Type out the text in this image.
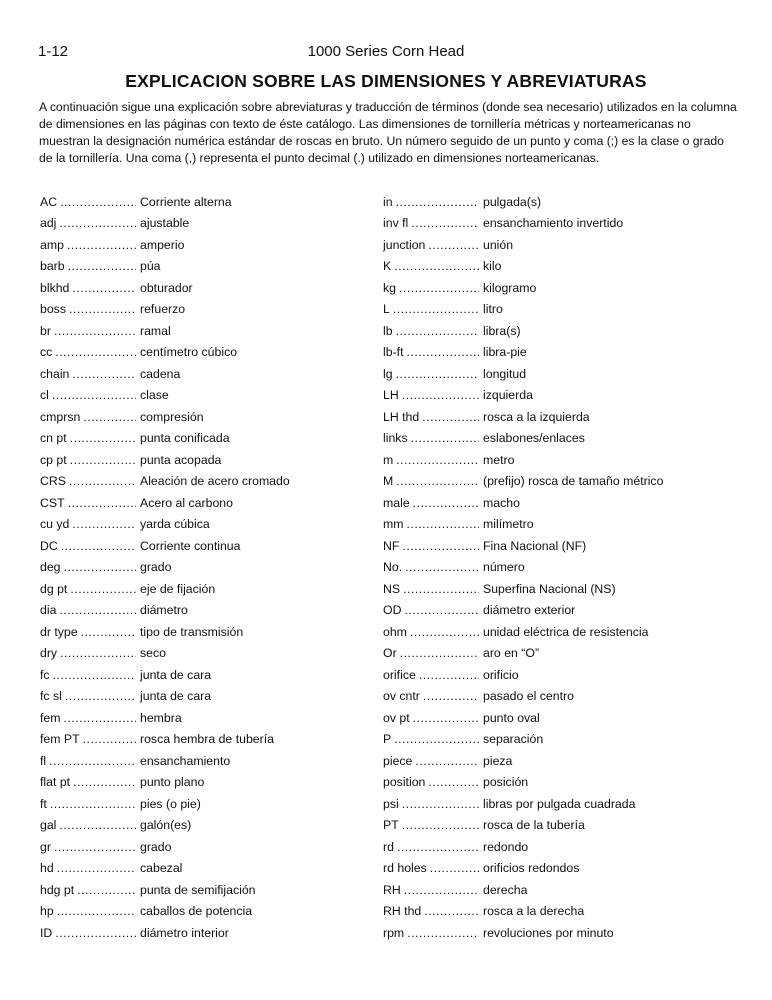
1-12	1000 Series Corn Head
EXPLICACION SOBRE LAS DIMENSIONES Y ABREVIATURAS

A continuación sigue una explicación sobre abreviaturas y traducción de términos (donde sea necesario) utilizados en la columna de dimensiones en las páginas con texto de éste catálogo. Las dimensiones de tornillería métricas y norteamericanas no muestran la designación numérica estándar de roscas en bruto. Un número seguido de un punto y coma (;) es la clase o grado de la tornillería. Una coma (,) representa el punto decimal (.) utilizado en dimensiones norteamericanas.

AC .....	Corriente alterna
adj .....	ajustable
amp .....	amperio
barb .....	púa
blkhd .....	obturador
boss .....	refuerzo
br .....	ramal
cc .....	centímetro cúbico
chain .....	cadena
cl .....	clase
cmprsn .....	compresión
cn pt .....	punta conificada
cp pt .....	punta acopada
CRS .....	Aleación de acero cromado
CST .....	Acero al carbono
cu yd .....	yarda cúbica
DC .....	Corriente continua
deg .....	grado
dg pt .....	eje de fijación
dia .....	diámetro
dr type .....	tipo de transmisión
dry .....	seco
fc .....	junta de cara
fc sl .....	junta de cara
fem .....	hembra
fem PT .....	rosca hembra de tubería
fl .....	ensanchamiento
flat pt .....	punto plano
ft .....	pies (o pie)
gal .....	galón(es)
gr .....	grado
hd .....	cabezal
hdg pt .....	punta de semifijación
hp .....	caballos de potencia
ID .....	diámetro interior
in .....	pulgada(s)
inv fl .....	ensanchamiento invertido
junction .....	unión
K .....	kilo
kg .....	kilogramo
L .....	litro
lb .....	libra(s)
lb-ft .....	libra-pie
lg .....	longitud
LH .....	izquierda
LH thd .....	rosca a la izquierda
links .....	eslabones/enlaces
m .....	metro
M .....	(prefijo) rosca de tamaño métrico
male .....	macho
mm .....	milímetro
NF .....	Fina Nacional (NF)
No. .....	número
NS .....	Superfina Nacional (NS)
OD .....	diámetro exterior
ohm .....	unidad eléctrica de resistencia
Or .....	aro en “O”
orifice .....	orificio
ov cntr .....	pasado el centro
ov pt .....	punto oval
P .....	separación
piece .....	pieza
position .....	posición
psi .....	libras por pulgada cuadrada
PT .....	rosca de la tubería
rd .....	redondo
rd holes .....	orificios redondos
RH .....	derecha
RH thd .....	rosca a la derecha
rpm .....	revoluciones por minuto
